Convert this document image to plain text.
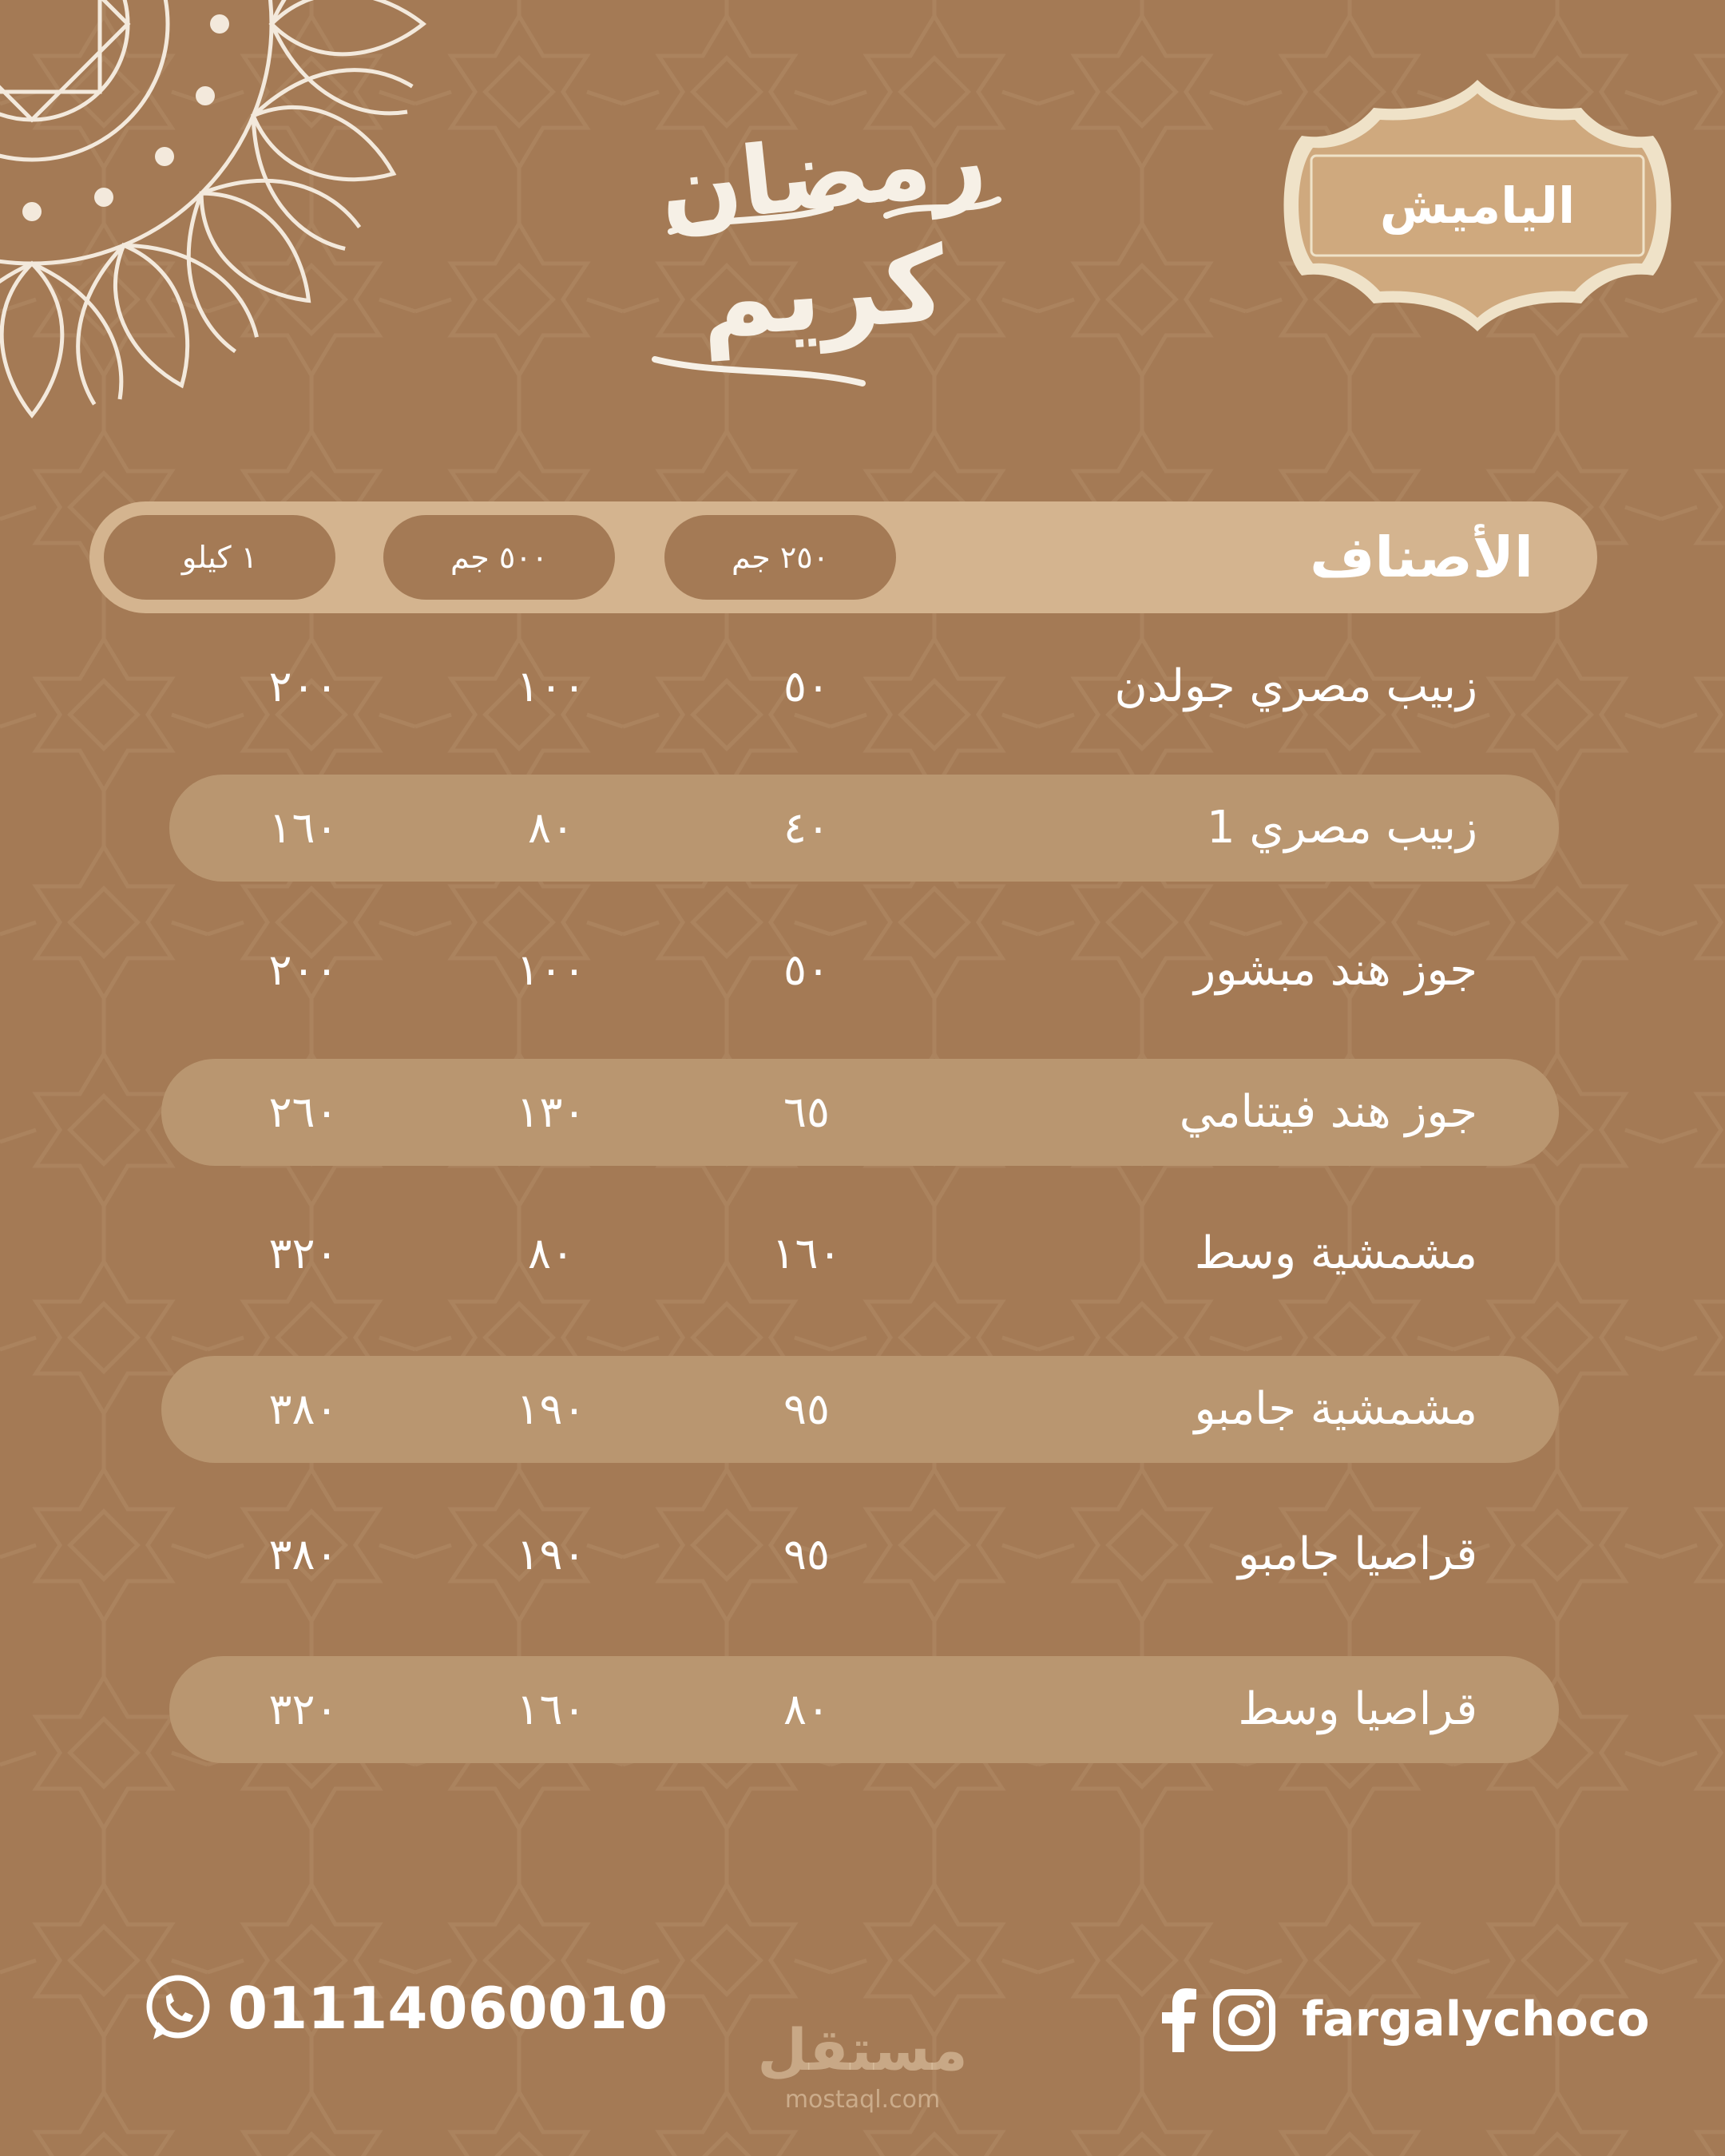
الياميش
رمضان
كريم
الأصناف
٢٥٠ جم
٥٠٠ جم
١ كيلو
زبيب مصري جولدن
٥٠
١٠٠
٢٠٠
زبيب مصري 1
٤٠
٨٠
١٦٠
جوز هند مبشور
٥٠
١٠٠
٢٠٠
جوز هند فيتنامي
٦٥
١٣٠
٢٦٠
مشمشية وسط
١٦٠
٨٠
٣٢٠
مشمشية جامبو
٩٥
١٩٠
٣٨٠
قراصيا جامبو
٩٥
١٩٠
٣٨٠
قراصيا وسط
٨٠
١٦٠
٣٢٠
01114060010
مستقل
mostaql.com
fargalychoco
